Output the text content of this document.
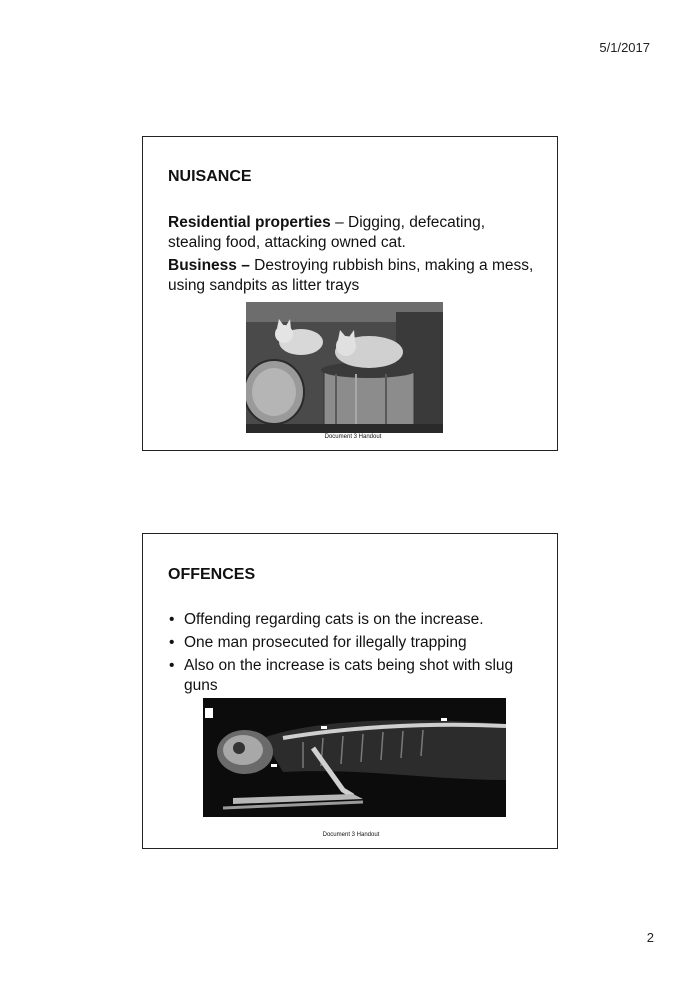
5/1/2017
NUISANCE

Residential properties – Digging, defecating, stealing food, attacking owned cat.

Business – Destroying rubbish bins, making a mess, using sandpits as litter trays

Document 3 Handout
OFFENCES
• Offending regarding cats is on the increase.
• One man prosecuted for illegally trapping
• Also on the increase is cats being shot with slug guns
Document 3 Handout
2
